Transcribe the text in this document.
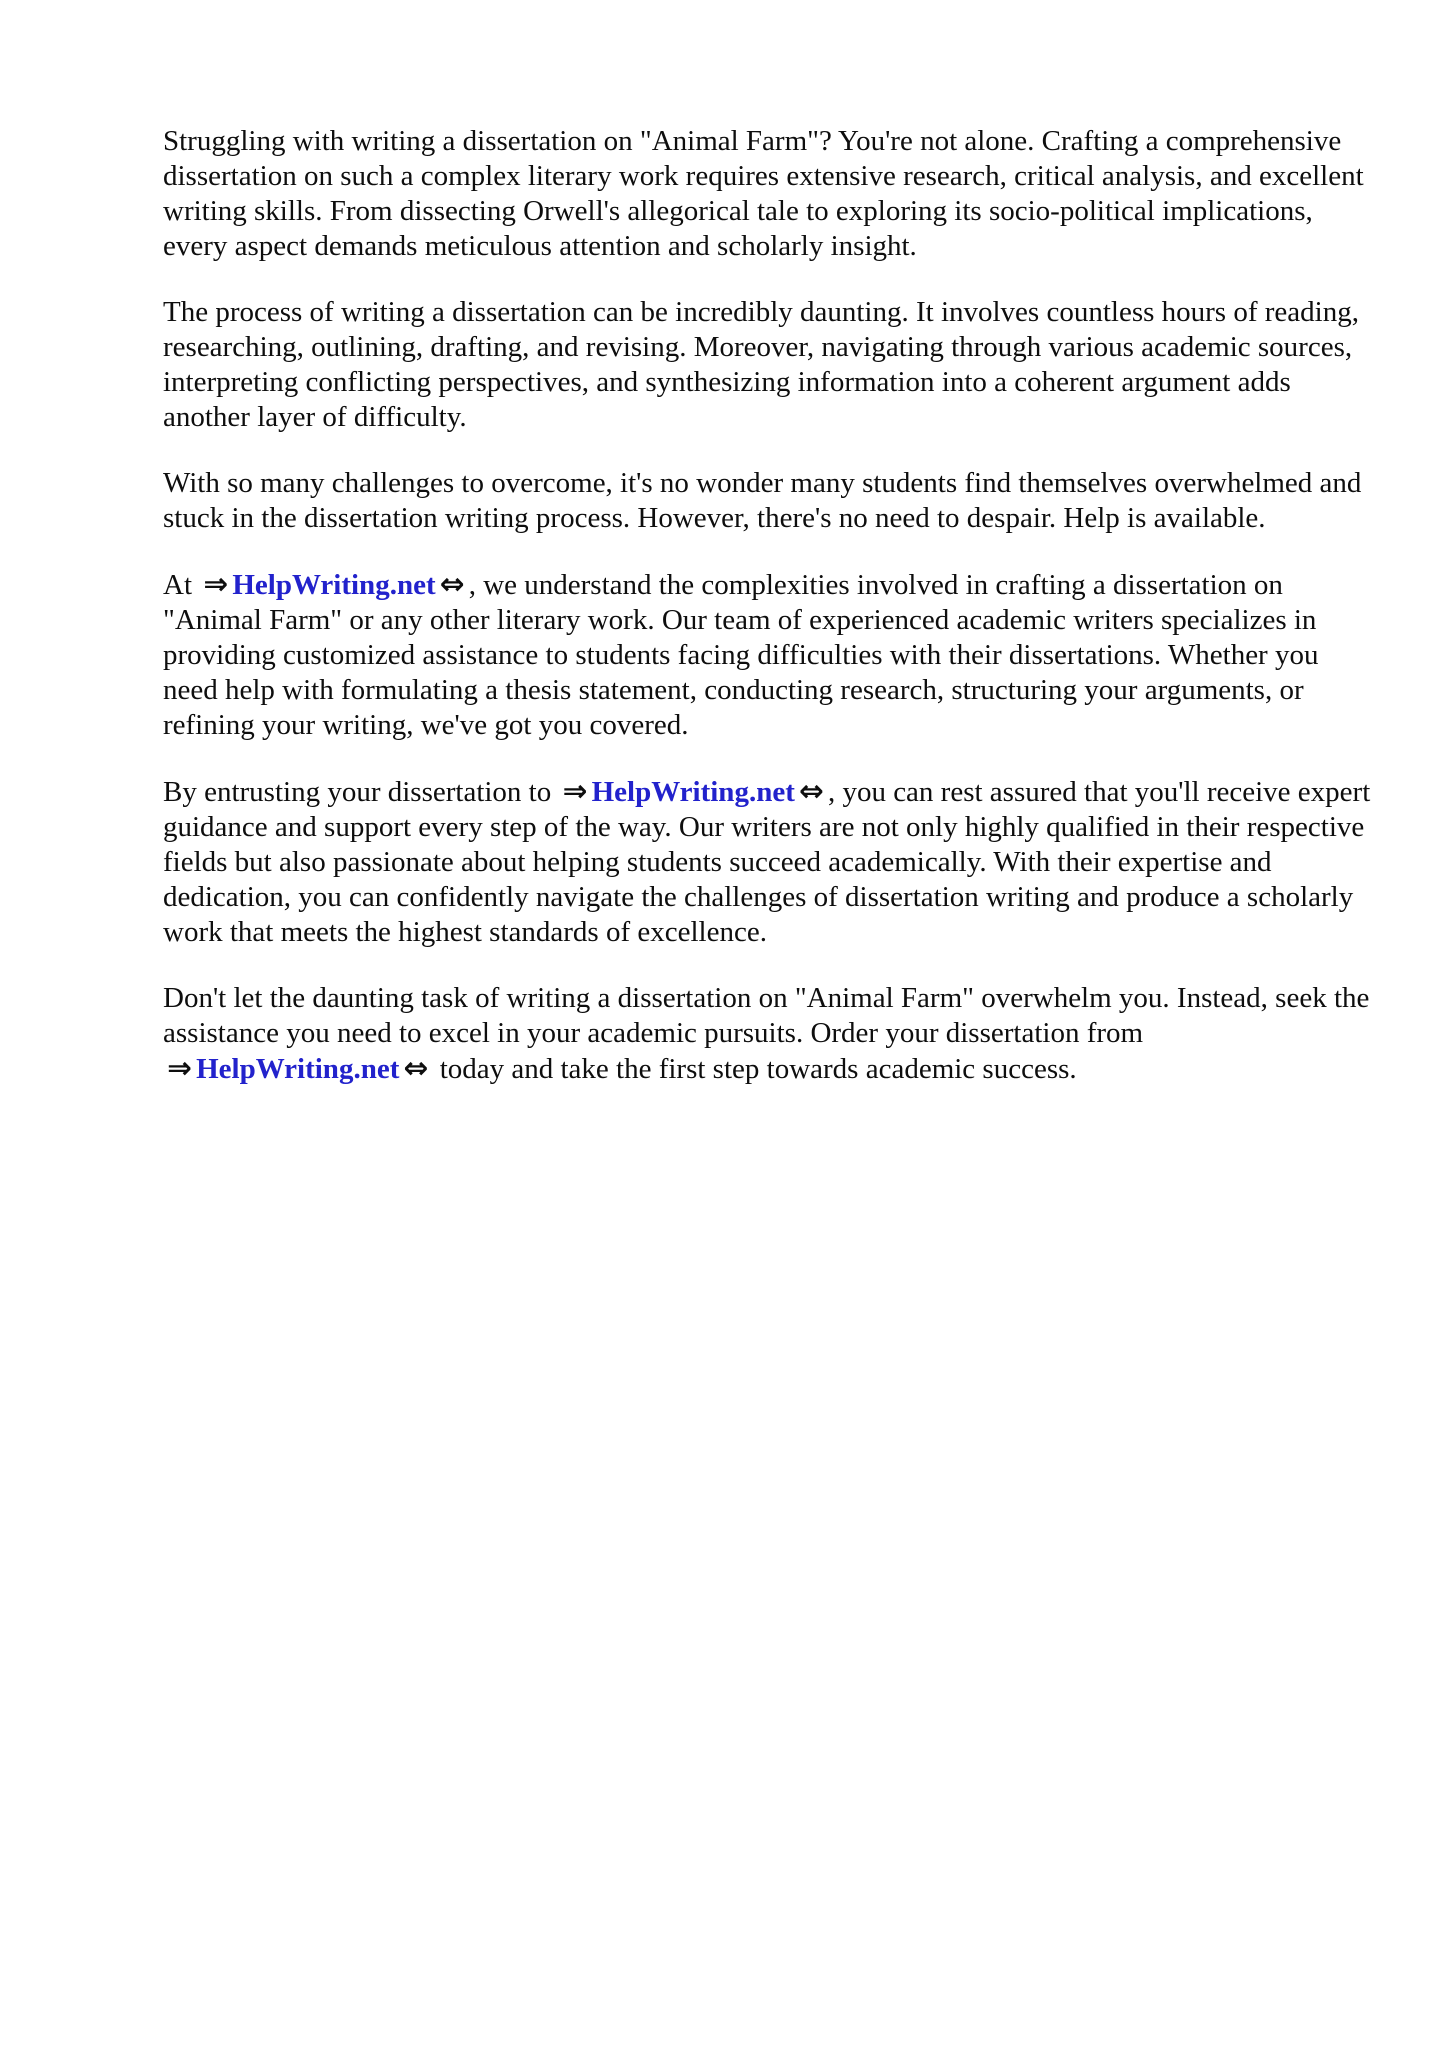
Struggling with writing a dissertation on "Animal Farm"? You're not alone. Crafting a comprehensive dissertation on such a complex literary work requires extensive research, critical analysis, and excellent writing skills. From dissecting Orwell's allegorical tale to exploring its socio-political implications, every aspect demands meticulous attention and scholarly insight.

The process of writing a dissertation can be incredibly daunting. It involves countless hours of reading, researching, outlining, drafting, and revising. Moreover, navigating through various academic sources, interpreting conflicting perspectives, and synthesizing information into a coherent argument adds another layer of difficulty.

With so many challenges to overcome, it's no wonder many students find themselves overwhelmed and stuck in the dissertation writing process. However, there's no need to despair. Help is available.

At ⇒ HelpWriting.net ⇔ , we understand the complexities involved in crafting a dissertation on "Animal Farm" or any other literary work. Our team of experienced academic writers specializes in providing customized assistance to students facing difficulties with their dissertations. Whether you need help with formulating a thesis statement, conducting research, structuring your arguments, or refining your writing, we've got you covered.

By entrusting your dissertation to ⇒ HelpWriting.net ⇔ , you can rest assured that you'll receive expert guidance and support every step of the way. Our writers are not only highly qualified in their respective fields but also passionate about helping students succeed academically. With their expertise and dedication, you can confidently navigate the challenges of dissertation writing and produce a scholarly work that meets the highest standards of excellence.

Don't let the daunting task of writing a dissertation on "Animal Farm" overwhelm you. Instead, seek the assistance you need to excel in your academic pursuits. Order your dissertation from ⇒ HelpWriting.net ⇔ today and take the first step towards academic success.
